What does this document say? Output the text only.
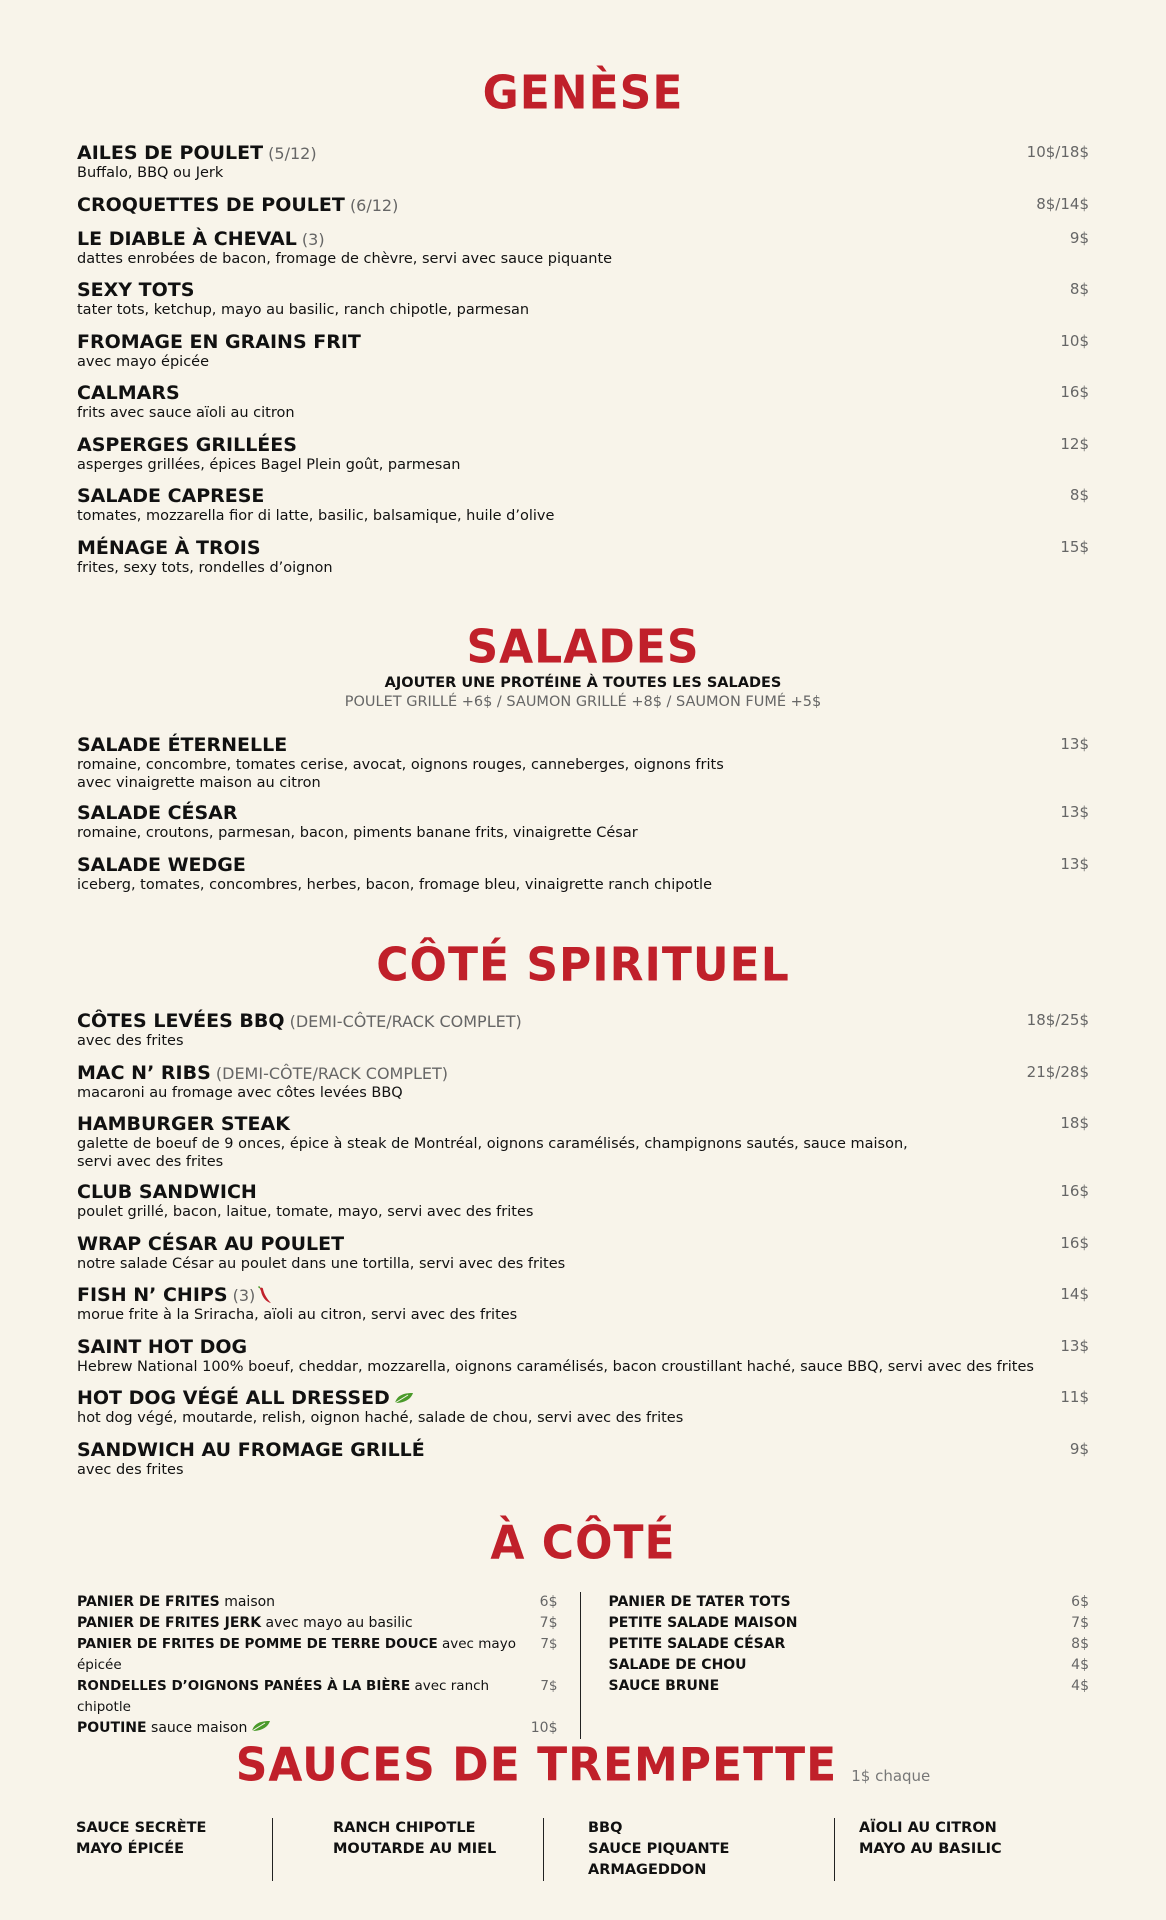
GENÈSE
AILES DE POULET (5/12)
Buffalo, BBQ ou Jerk
10$/18$
CROQUETTES DE POULET (6/12)	8$/14$
LE DIABLE À CHEVAL (3)
dattes enrobées de bacon, fromage de chèvre, servi avec sauce piquante
9$
SEXY TOTS
tater tots, ketchup, mayo au basilic, ranch chipotle, parmesan
8$
FROMAGE EN GRAINS FRIT
avec mayo épicée
10$
CALMARS
frits avec sauce aïoli au citron
16$
ASPERGES GRILLÉES
asperges grillées, épices Bagel Plein goût, parmesan
12$
SALADE CAPRESE
tomates, mozzarella fior di latte, basilic, balsamique, huile d’olive
8$
MÉNAGE À TROIS
frites, sexy tots, rondelles d’oignon
15$
SALADES
AJOUTER UNE PROTÉINE À TOUTES LES SALADES
POULET GRILLÉ +6$ / SAUMON GRILLÉ +8$ / SAUMON FUMÉ +5$
SALADE ÉTERNELLE
romaine, concombre, tomates cerise, avocat, oignons rouges, canneberges, oignons frits
avec vinaigrette maison au citron
13$
SALADE CÉSAR
romaine, croutons, parmesan, bacon, piments banane frits, vinaigrette César
13$
SALADE WEDGE
iceberg, tomates, concombres, herbes, bacon, fromage bleu, vinaigrette ranch chipotle
13$
CÔTÉ SPIRITUEL
CÔTES LEVÉES BBQ (DEMI-CÔTE/RACK COMPLET)
avec des frites
18$/25$
MAC N’ RIBS (DEMI-CÔTE/RACK COMPLET)
macaroni au fromage avec côtes levées BBQ
21$/28$
HAMBURGER STEAK
galette de boeuf de 9 onces, épice à steak de Montréal, oignons caramélisés, champignons sautés, sauce maison,
servi avec des frites
18$
CLUB SANDWICH
poulet grillé, bacon, laitue, tomate, mayo, servi avec des frites
16$
WRAP CÉSAR AU POULET
notre salade César au poulet dans une tortilla, servi avec des frites
16$
FISH N’ CHIPS (3)
morue frite à la Sriracha, aïoli au citron, servi avec des frites
14$
SAINT HOT DOG
Hebrew National 100% boeuf, cheddar, mozzarella, oignons caramélisés, bacon croustillant haché, sauce BBQ, servi avec des frites
13$
HOT DOG VÉGÉ ALL DRESSED
hot dog végé, moutarde, relish, oignon haché, salade de chou, servi avec des frites
11$
SANDWICH AU FROMAGE GRILLÉ
avec des frites
9$
À CÔTÉ
PANIER DE FRITES maison	6$
PANIER DE FRITES JERK avec mayo au basilic	7$
PANIER DE FRITES DE POMME DE TERRE DOUCE avec mayo épicée
7$
RONDELLES D’OIGNONS PANÉES À LA BIÈRE avec ranch chipotle
7$
POUTINE sauce maison	10$
PANIER DE TATER TOTS	6$
PETITE SALADE MAISON	7$
PETITE SALADE CÉSAR	8$
SALADE DE CHOU	4$
SAUCE BRUNE	4$
SAUCES DE TREMPETTE 1$ chaque
SAUCE SECRÈTE
MAYO ÉPICÉE
RANCH CHIPOTLE
MOUTARDE AU MIEL
BBQ
SAUCE PIQUANTE ARMAGEDDON
AÏOLI AU CITRON
MAYO AU BASILIC
